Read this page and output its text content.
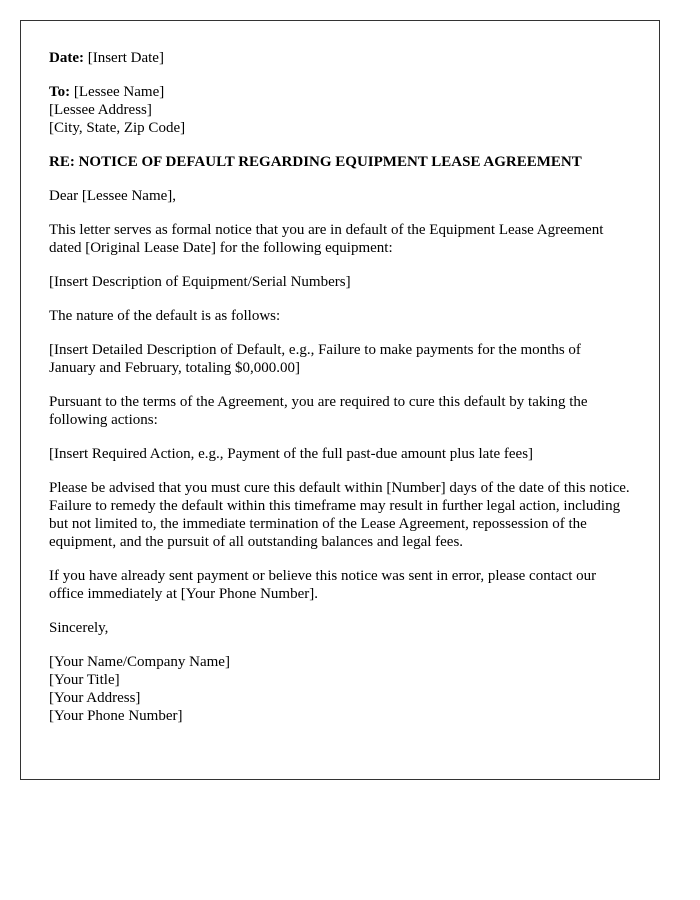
Date: [Insert Date]
To: [Lessee Name]
[Lessee Address]
[City, State, Zip Code]
RE: NOTICE OF DEFAULT REGARDING EQUIPMENT LEASE AGREEMENT
Dear [Lessee Name],
This letter serves as formal notice that you are in default of the Equipment Lease Agreement dated [Original Lease Date] for the following equipment:
[Insert Description of Equipment/Serial Numbers]
The nature of the default is as follows:
[Insert Detailed Description of Default, e.g., Failure to make payments for the months of January and February, totaling $0,000.00]
Pursuant to the terms of the Agreement, you are required to cure this default by taking the following actions:
[Insert Required Action, e.g., Payment of the full past-due amount plus late fees]
Please be advised that you must cure this default within [Number] days of the date of this notice. Failure to remedy the default within this timeframe may result in further legal action, including but not limited to, the immediate termination of the Lease Agreement, repossession of the equipment, and the pursuit of all outstanding balances and legal fees.
If you have already sent payment or believe this notice was sent in error, please contact our office immediately at [Your Phone Number].
Sincerely,
[Your Name/Company Name]
[Your Title]
[Your Address]
[Your Phone Number]
